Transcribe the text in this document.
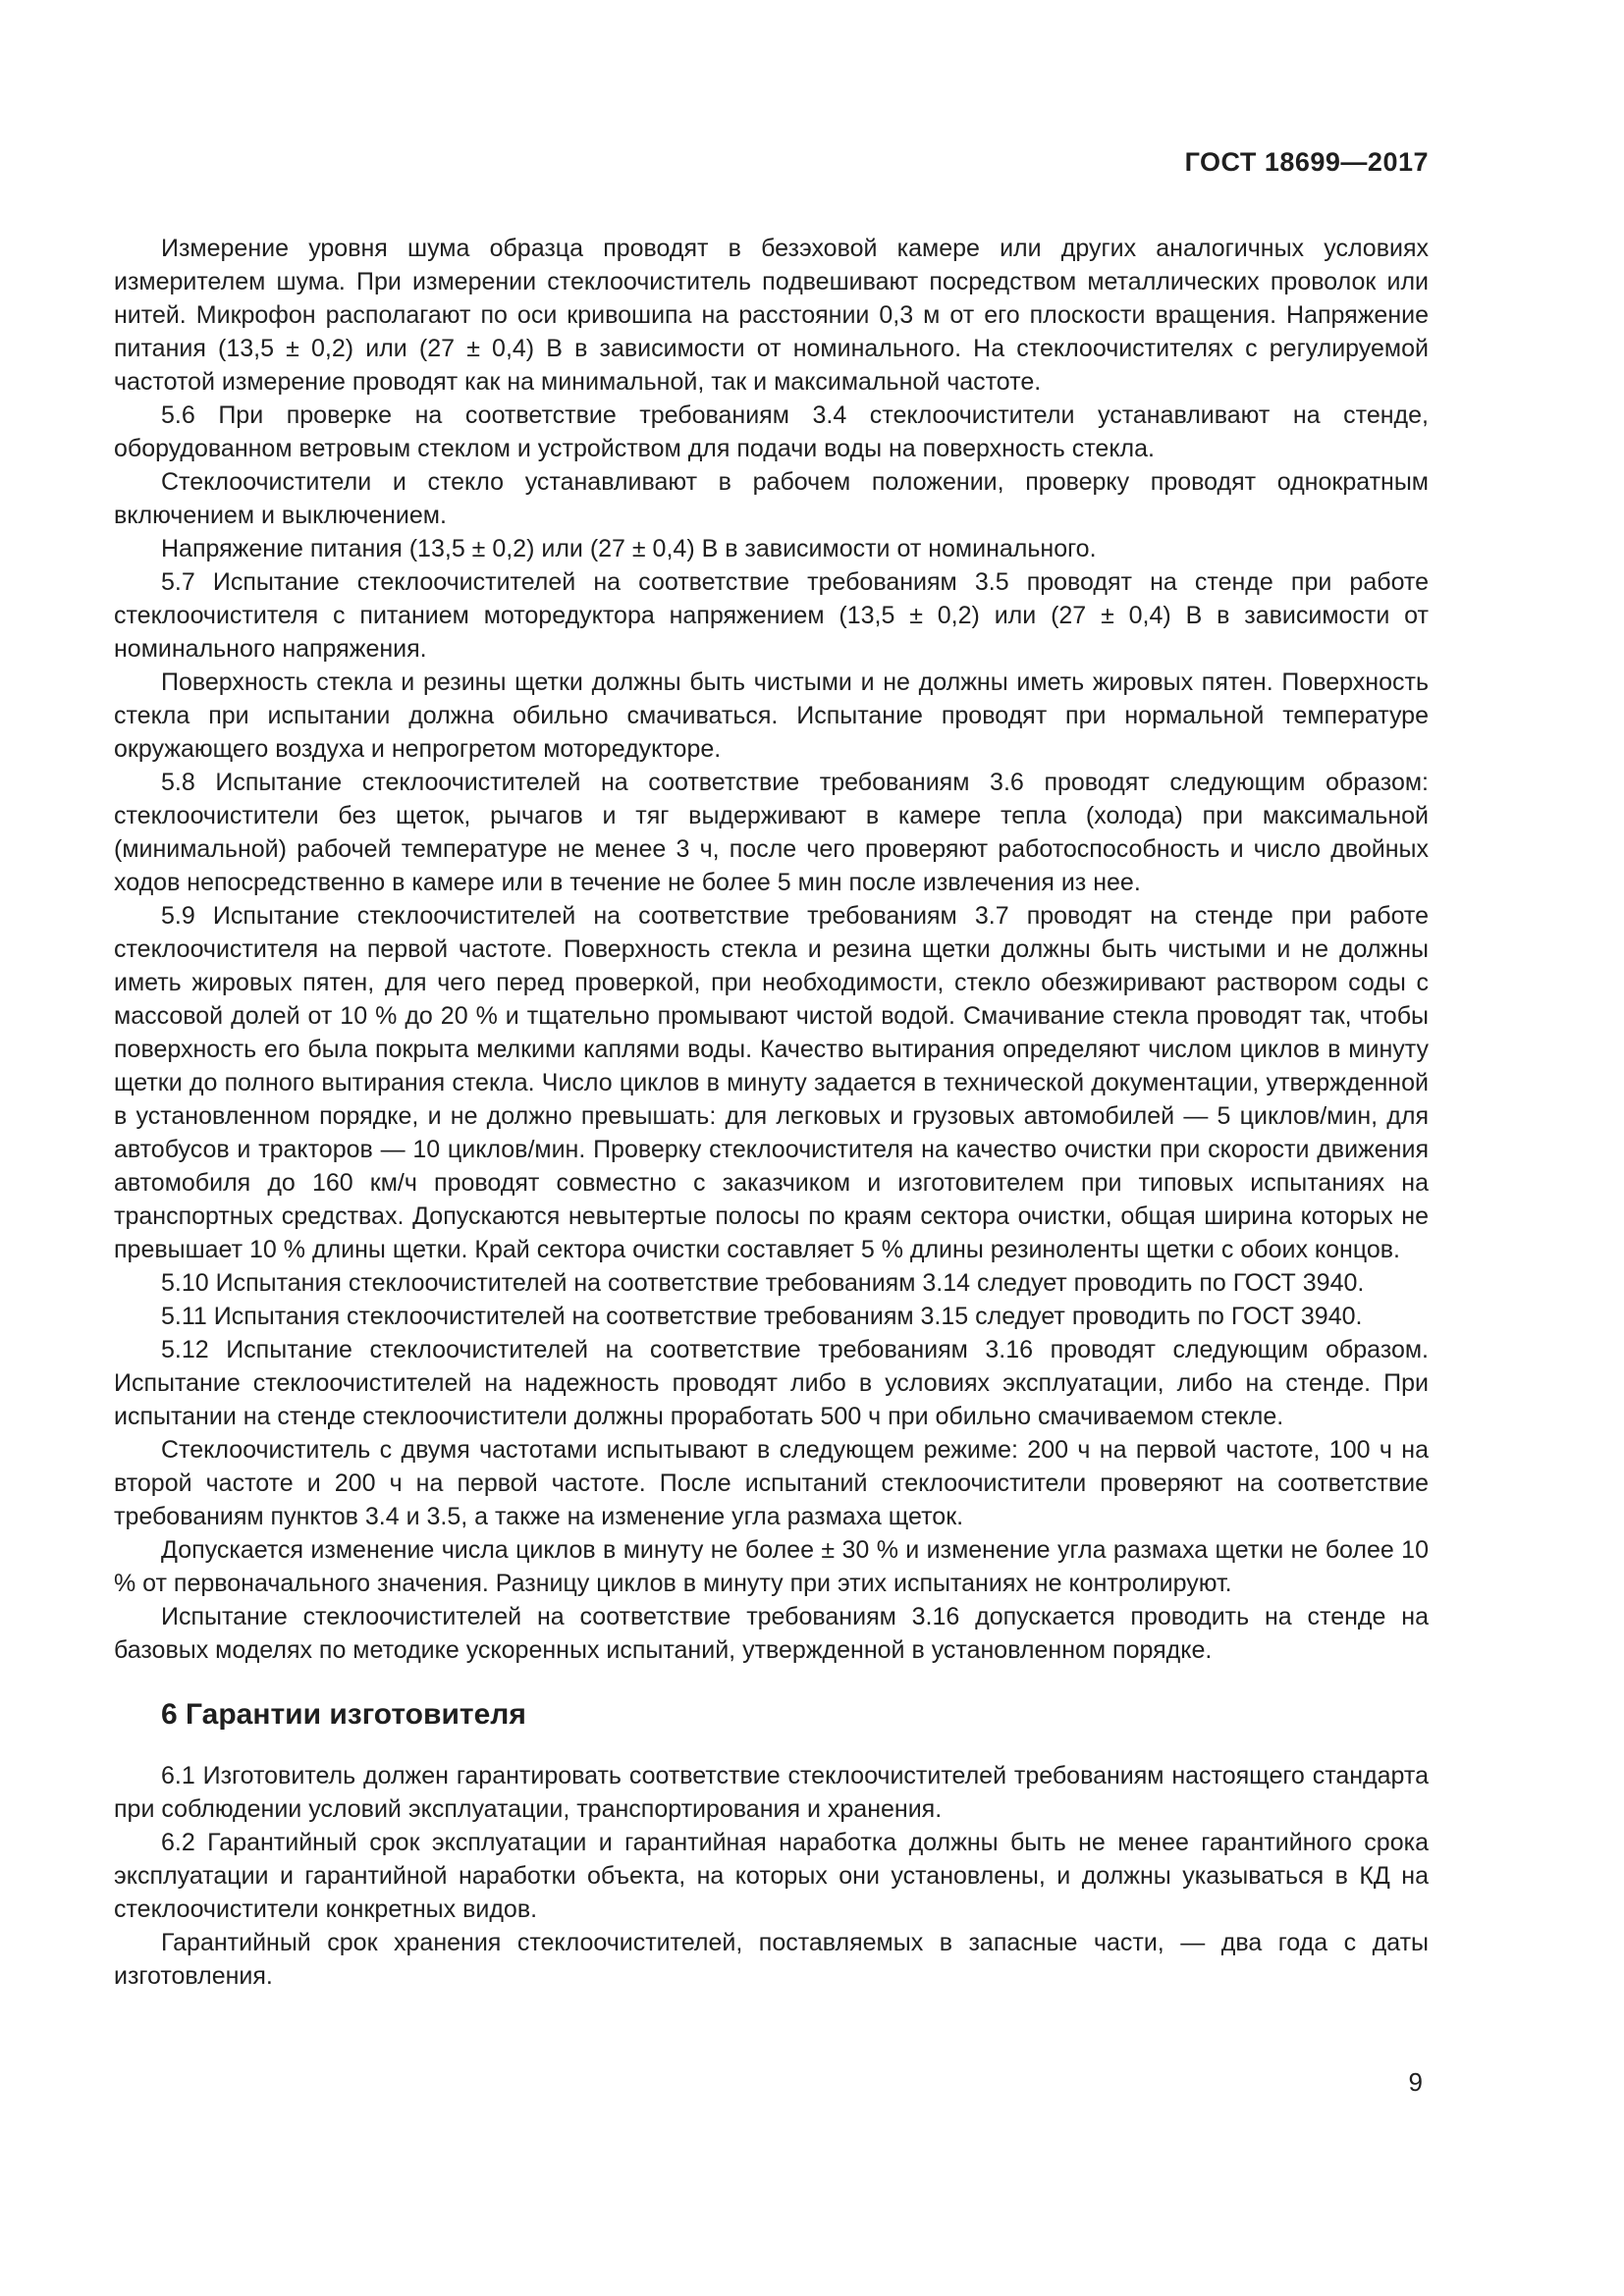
ГОСТ 18699—2017

Измерение уровня шума образца проводят в безэховой камере или других аналогичных условиях измерителем шума. При измерении стеклоочиститель подвешивают посредством металлических проволок или нитей. Микрофон располагают по оси кривошипа на расстоянии 0,3 м от его плоскости вращения. Напряжение питания (13,5 ± 0,2) или (27 ± 0,4) В в зависимости от номинального. На стеклоочистителях с регулируемой частотой измерение проводят как на минимальной, так и максимальной частоте.

5.6 При проверке на соответствие требованиям 3.4 стеклоочистители устанавливают на стенде, оборудованном ветровым стеклом и устройством для подачи воды на поверхность стекла.

Стеклоочистители и стекло устанавливают в рабочем положении, проверку проводят однократным включением и выключением.

Напряжение питания (13,5 ± 0,2) или (27 ± 0,4) В в зависимости от номинального.

5.7 Испытание стеклоочистителей на соответствие требованиям 3.5 проводят на стенде при работе стеклоочистителя с питанием моторедуктора напряжением (13,5 ± 0,2) или (27 ± 0,4) В в зависимости от номинального напряжения.

Поверхность стекла и резины щетки должны быть чистыми и не должны иметь жировых пятен. Поверхность стекла при испытании должна обильно смачиваться. Испытание проводят при нормальной температуре окружающего воздуха и непрогретом моторедукторе.

5.8 Испытание стеклоочистителей на соответствие требованиям 3.6 проводят следующим образом: стеклоочистители без щеток, рычагов и тяг выдерживают в камере тепла (холода) при максимальной (минимальной) рабочей температуре не менее 3 ч, после чего проверяют работоспособность и число двойных ходов непосредственно в камере или в течение не более 5 мин после извлечения из нее.

5.9 Испытание стеклоочистителей на соответствие требованиям 3.7 проводят на стенде при работе стеклоочистителя на первой частоте. Поверхность стекла и резина щетки должны быть чистыми и не должны иметь жировых пятен, для чего перед проверкой, при необходимости, стекло обезжиривают раствором соды с массовой долей от 10 % до 20 % и тщательно промывают чистой водой. Смачивание стекла проводят так, чтобы поверхность его была покрыта мелкими каплями воды. Качество вытирания определяют числом циклов в минуту щетки до полного вытирания стекла. Число циклов в минуту задается в технической документации, утвержденной в установленном порядке, и не должно превышать: для легковых и грузовых автомобилей — 5 циклов/мин, для автобусов и тракторов — 10 циклов/мин. Проверку стеклоочистителя на качество очистки при скорости движения автомобиля до 160 км/ч проводят совместно с заказчиком и изготовителем при типовых испытаниях на транспортных средствах. Допускаются невытертые полосы по краям сектора очистки, общая ширина которых не превышает 10 % длины щетки. Край сектора очистки составляет 5 % длины резиноленты щетки с обоих концов.

5.10 Испытания стеклоочистителей на соответствие требованиям 3.14 следует проводить по ГОСТ 3940.

5.11 Испытания стеклоочистителей на соответствие требованиям 3.15 следует проводить по ГОСТ 3940.

5.12 Испытание стеклоочистителей на соответствие требованиям 3.16 проводят следующим образом. Испытание стеклоочистителей на надежность проводят либо в условиях эксплуатации, либо на стенде. При испытании на стенде стеклоочистители должны проработать 500 ч при обильно смачиваемом стекле.

Стеклоочиститель с двумя частотами испытывают в следующем режиме: 200 ч на первой частоте, 100 ч на второй частоте и 200 ч на первой частоте. После испытаний стеклоочистители проверяют на соответствие требованиям пунктов 3.4 и 3.5, а также на изменение угла размаха щеток.

Допускается изменение числа циклов в минуту не более ± 30 % и изменение угла размаха щетки не более 10 % от первоначального значения. Разницу циклов в минуту при этих испытаниях не контролируют.

Испытание стеклоочистителей на соответствие требованиям 3.16 допускается проводить на стенде на базовых моделях по методике ускоренных испытаний, утвержденной в установленном порядке.

6 Гарантии изготовителя

6.1 Изготовитель должен гарантировать соответствие стеклоочистителей требованиям настоящего стандарта при соблюдении условий эксплуатации, транспортирования и хранения.

6.2 Гарантийный срок эксплуатации и гарантийная наработка должны быть не менее гарантийного срока эксплуатации и гарантийной наработки объекта, на которых они установлены, и должны указываться в КД на стеклоочистители конкретных видов.

Гарантийный срок хранения стеклоочистителей, поставляемых в запасные части, — два года с даты изготовления.

9
